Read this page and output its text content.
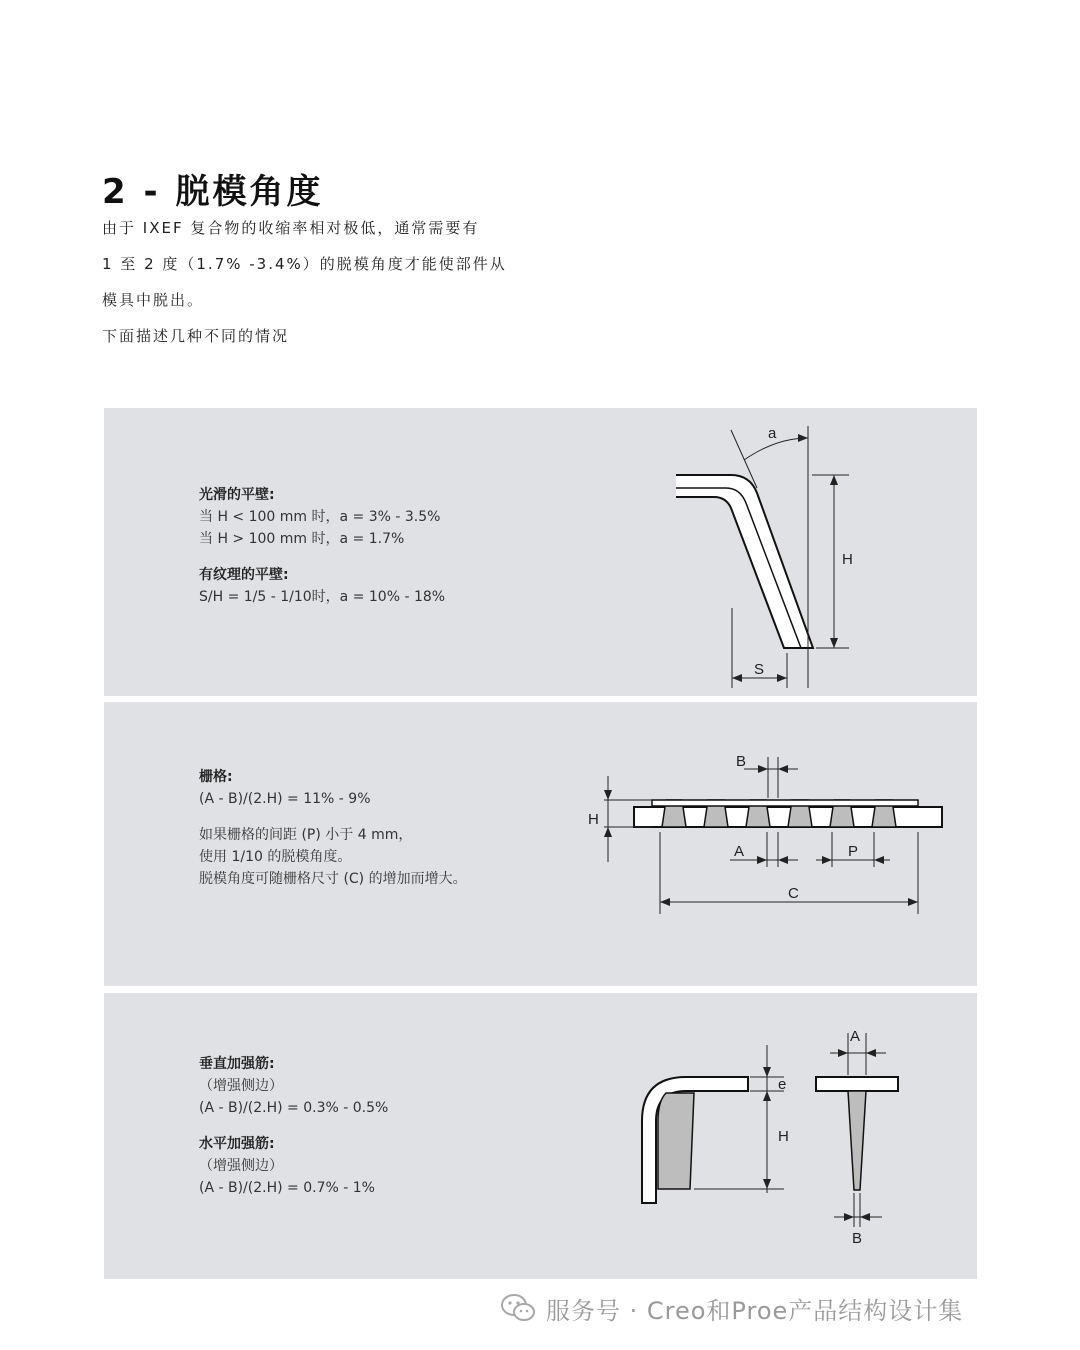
2 - 脱模角度

由于 IXEF 复合物的收缩率相对极低，通常需要有

1 至 2 度（1.7% -3.4%）的脱模角度才能使部件从

模具中脱出。

下面描述几种不同的情况

光滑的平壁:
当 H < 100 mm 时，a = 3% - 3.5%
当 H > 100 mm 时，a = 1.7%
有纹理的平壁:
S/H = 1/5 - 1/10时，a = 10% - 18%
a
H
S
栅格:
(A - B)/(2.H) = 11% - 9%
如果栅格的间距 (P) 小于 4 mm，
使用 1/10 的脱模角度。
脱模角度可随栅格尺寸 (C) 的增加而增大。
B
H
A	P
C
垂直加强筋:
（增强侧边）
(A - B)/(2.H) = 0.3% - 0.5%
水平加强筋:
（增强侧边）
(A - B)/(2.H) = 0.7% - 1%
e
H
A
B
服务号 · Creo和Proe产品结构设计集
